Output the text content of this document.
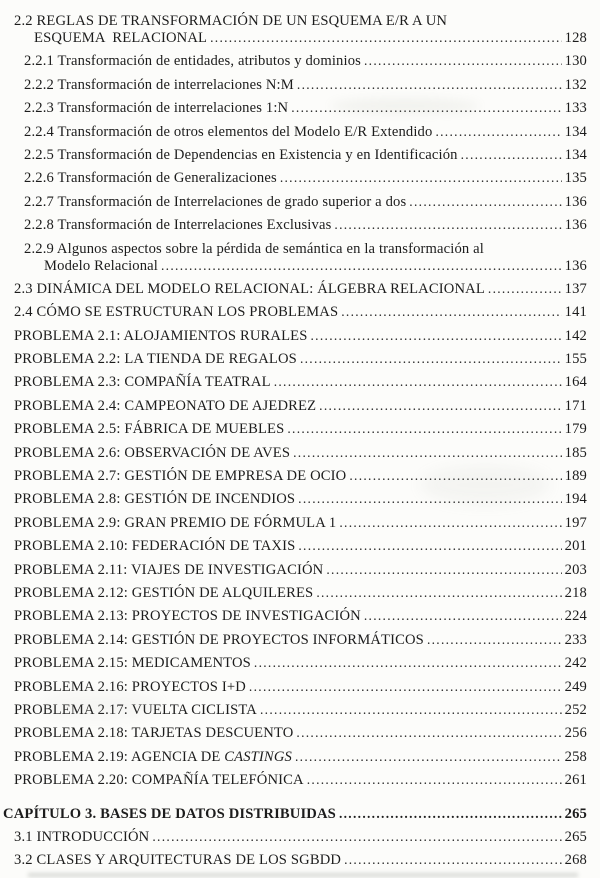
2.2 REGLAS DE TRANSFORMACIÓN DE UN ESQUEMA E/R A UN
ESQUEMA  RELACIONAL .....	128
2.2.1 Transformación de entidades, atributos y dominios .....	130
2.2.2 Transformación de interrelaciones N:M .....	132
2.2.3 Transformación de interrelaciones 1:N .....	133
2.2.4 Transformación de otros elementos del Modelo E/R Extendido .....	134
2.2.5 Transformación de Dependencias en Existencia y en Identificación .....	134
2.2.6 Transformación de Generalizaciones .....	135
2.2.7 Transformación de Interrelaciones de grado superior a dos .....	136
2.2.8 Transformación de Interrelaciones Exclusivas .....	136
2.2.9 Algunos aspectos sobre la pérdida de semántica en la transformación al
Modelo Relacional .....	136
2.3 DINÁMICA DEL MODELO RELACIONAL: ÁLGEBRA RELACIONAL .....	137
2.4 CÓMO SE ESTRUCTURAN LOS PROBLEMAS .....	141
PROBLEMA 2.1: ALOJAMIENTOS RURALES .....	142
PROBLEMA 2.2: LA TIENDA DE REGALOS .....	155
PROBLEMA 2.3: COMPAÑÍA TEATRAL .....	164
PROBLEMA 2.4: CAMPEONATO DE AJEDREZ .....	171
PROBLEMA 2.5: FÁBRICA DE MUEBLES .....	179
PROBLEMA 2.6: OBSERVACIÓN DE AVES .....	185
PROBLEMA 2.7: GESTIÓN DE EMPRESA DE OCIO .....	189
PROBLEMA 2.8: GESTIÓN DE INCENDIOS .....	194
PROBLEMA 2.9: GRAN PREMIO DE FÓRMULA 1 .....	197
PROBLEMA 2.10: FEDERACIÓN DE TAXIS .....	201
PROBLEMA 2.11: VIAJES DE INVESTIGACIÓN .....	203
PROBLEMA 2.12: GESTIÓN DE ALQUILERES .....	218
PROBLEMA 2.13: PROYECTOS DE INVESTIGACIÓN .....	224
PROBLEMA 2.14: GESTIÓN DE PROYECTOS INFORMÁTICOS .....	233
PROBLEMA 2.15: MEDICAMENTOS .....	242
PROBLEMA 2.16: PROYECTOS I+D .....	249
PROBLEMA 2.17: VUELTA CICLISTA .....	252
PROBLEMA 2.18: TARJETAS DESCUENTO .....	256
PROBLEMA 2.19: AGENCIA DE CASTINGS .....	258
PROBLEMA 2.20: COMPAÑÍA TELEFÓNICA .....	261
CAPÍTULO 3. BASES DE DATOS DISTRIBUIDAS .....	265
3.1 INTRODUCCIÓN .....	265
3.2 CLASES Y ARQUITECTURAS DE LOS SGBDD .....	268
